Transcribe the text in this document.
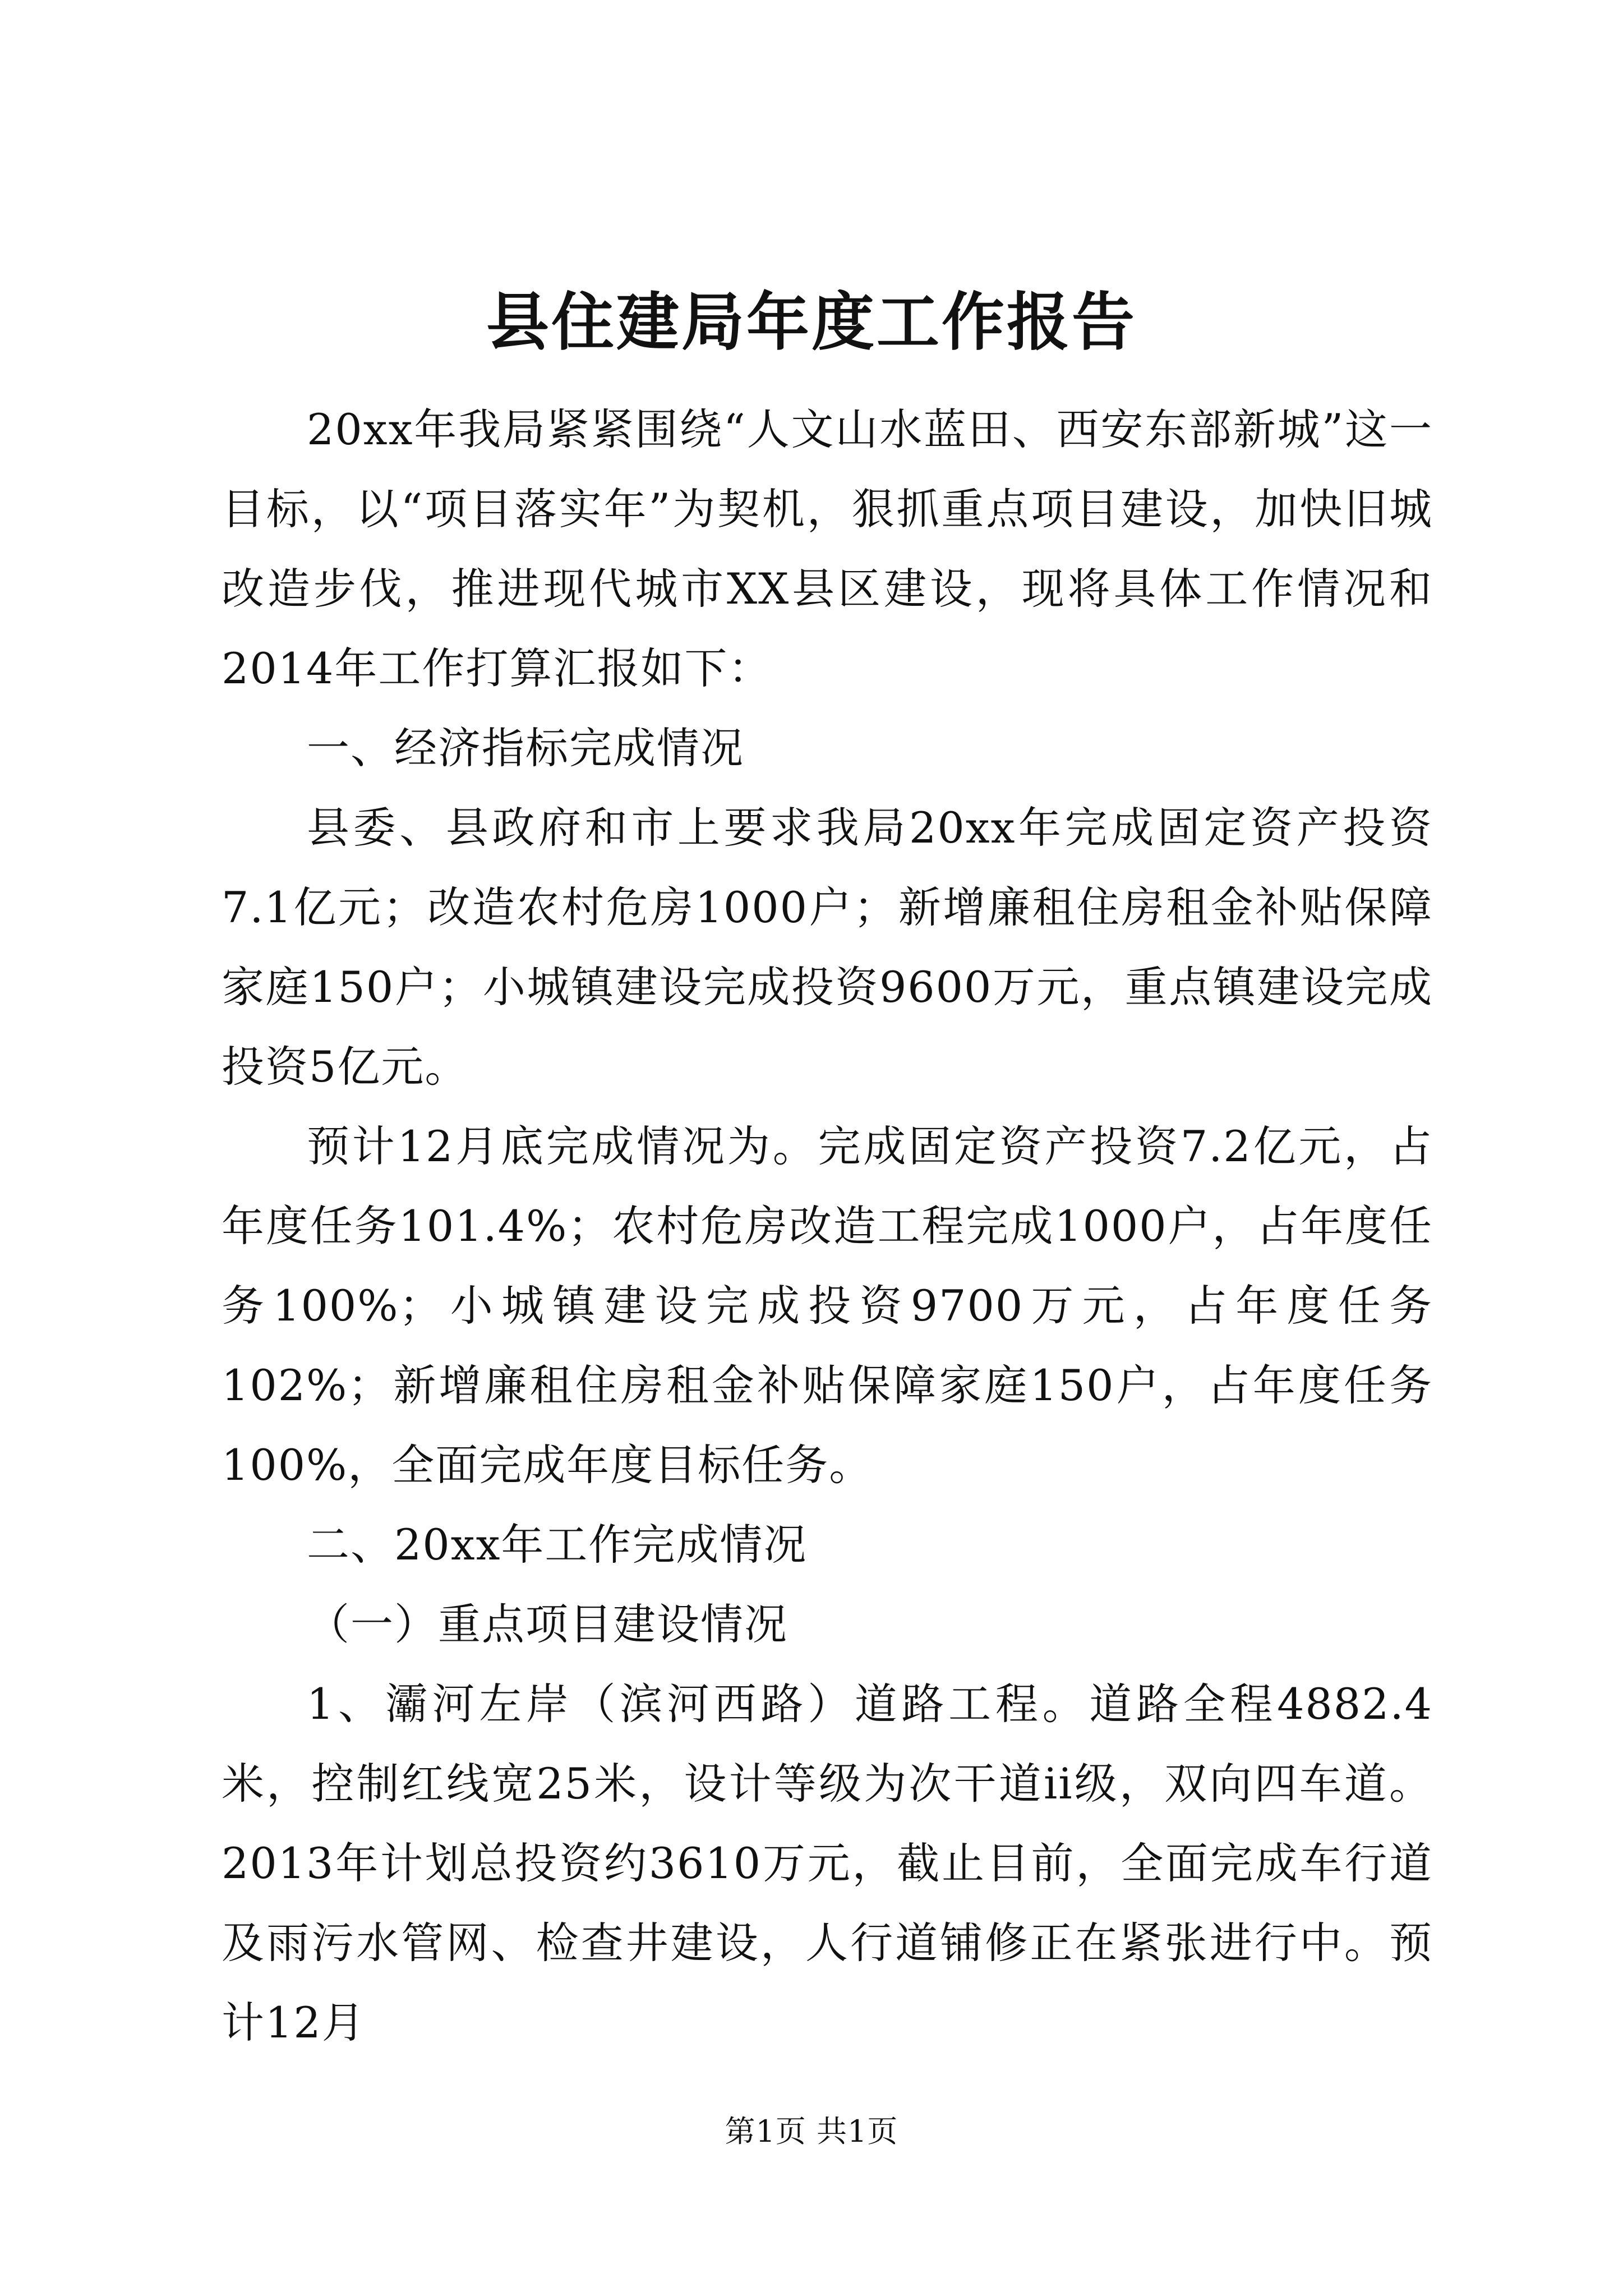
县住建局年度工作报告

20xx年我局紧紧围绕“人文山水蓝田、西安东部新城”这一目标，以“项目落实年”为契机，狠抓重点项目建设，加快旧城改造步伐，推进现代城市XX县区建设，现将具体工作情况和2014年工作打算汇报如下：

一、经济指标完成情况

县委、县政府和市上要求我局20xx年完成固定资产投资7.1亿元；改造农村危房1000户；新增廉租住房租金补贴保障家庭150户；小城镇建设完成投资9600万元，重点镇建设完成投资5亿元。

预计12月底完成情况为。完成固定资产投资7.2亿元，占年度任务101.4%；农村危房改造工程完成1000户，占年度任务100%；小城镇建设完成投资9700万元，占年度任务102%；新增廉租住房租金补贴保障家庭150户，占年度任务100%，全面完成年度目标任务。

二、20xx年工作完成情况

（一）重点项目建设情况

1、灞河左岸（滨河西路）道路工程。道路全程4882.4米，控制红线宽25米，设计等级为次干道ii级，双向四车道。2013年计划总投资约3610万元，截止目前，全面完成车行道及雨污水管网、检查井建设，人行道铺修正在紧张进行中。预计12月

第1页 共1页
